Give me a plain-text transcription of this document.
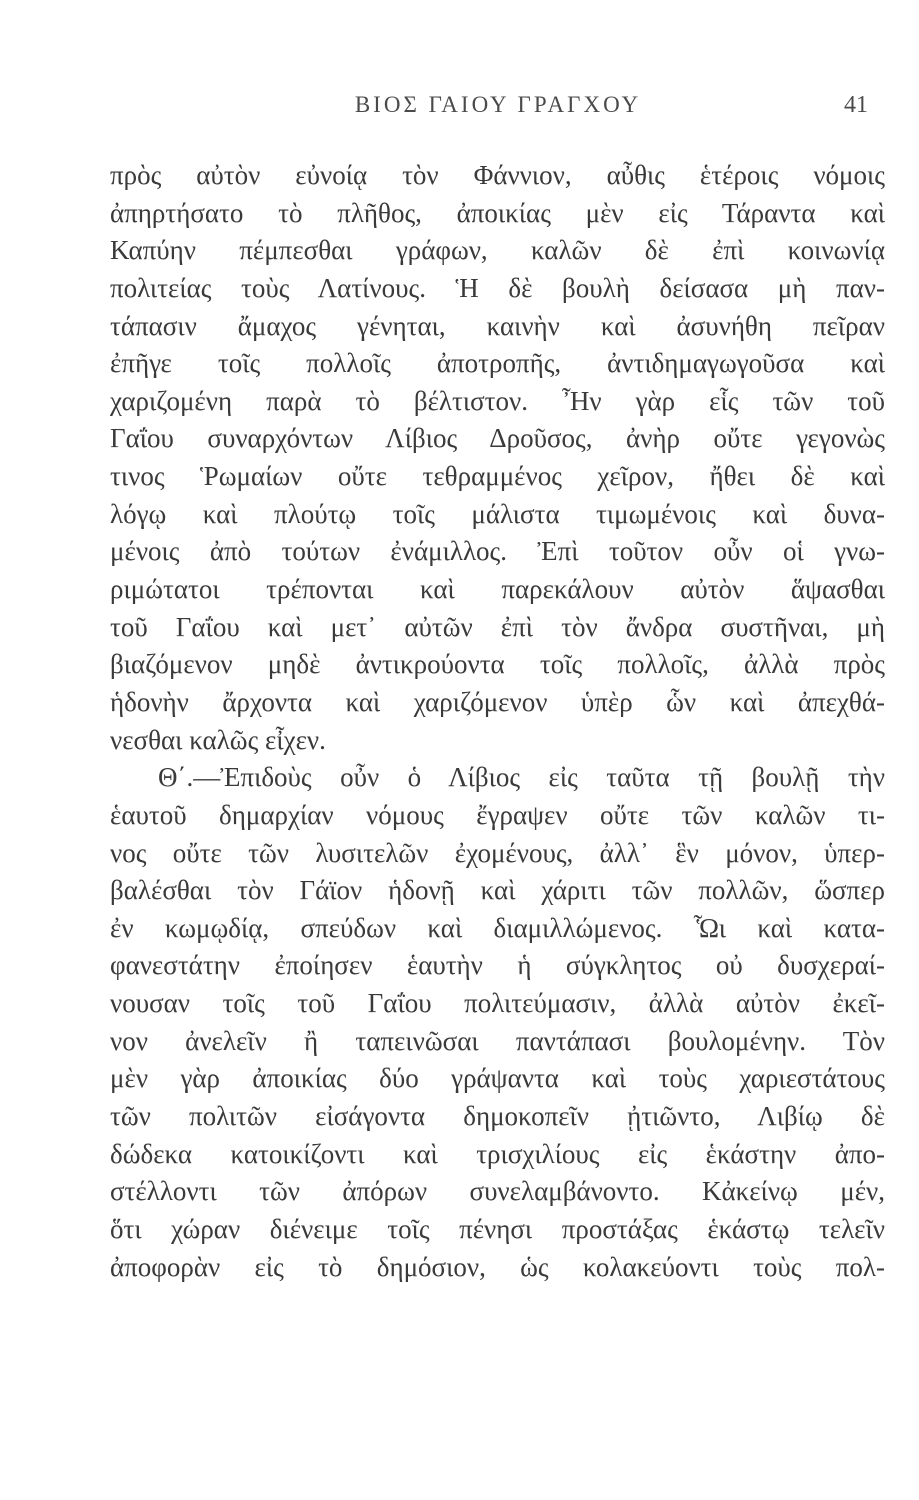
ΒΙΟΣ ΓΑΙΟΥ ΓΡΑΓΧΟΥ	41
πρὸς αὐτὸν εὐνοίᾳ τὸν Φάννιον, αὖθις ἑτέροις νόμοις
ἀπηρτήσατο τὸ πλῆθος, ἀποικίας μὲν εἰς Τάραντα καὶ
Καπύην πέμπεσθαι γράφων, καλῶν δὲ ἐπὶ κοινωνίᾳ
πολιτείας τοὺς Λατίνους. Ἡ δὲ βουλὴ δείσασα μὴ παν-
τάπασιν ἄμαχος γένηται, καινὴν καὶ ἀσυνήθη πεῖραν
ἐπῆγε τοῖς πολλοῖς ἀποτροπῆς, ἀντιδημαγωγοῦσα καὶ
χαριζομένη παρὰ τὸ βέλτιστον. Ἦν γὰρ εἷς τῶν τοῦ
Γαΐου συναρχόντων Λίβιος Δροῦσος, ἀνὴρ οὔτε γεγονὼς
τινος Ῥωμαίων οὔτε τεθραμμένος χεῖρον, ἤθει δὲ καὶ
λόγῳ καὶ πλούτῳ τοῖς μάλιστα τιμωμένοις καὶ δυνα-
μένοις ἀπὸ τούτων ἐνάμιλλος. Ἐπὶ τοῦτον οὖν οἱ γνω-
ριμώτατοι τρέπονται καὶ παρεκάλουν αὐτὸν ἅψασθαι
τοῦ Γαΐου καὶ μετ᾽ αὐτῶν ἐπὶ τὸν ἄνδρα συστῆναι, μὴ
βιαζόμενον μηδὲ ἀντικρούοντα τοῖς πολλοῖς, ἀλλὰ πρὸς
ἡδονὴν ἄρχοντα καὶ χαριζόμενον ὑπὲρ ὧν καὶ ἀπεχθά-
νεσθαι καλῶς εἶχεν.
Θ΄.—Ἐπιδοὺς οὖν ὁ Λίβιος εἰς ταῦτα τῇ βουλῇ τὴν
ἑαυτοῦ δημαρχίαν νόμους ἔγραψεν οὔτε τῶν καλῶν τι-
νος οὔτε τῶν λυσιτελῶν ἐχομένους, ἀλλ᾽ ἓν μόνον, ὑπερ-
βαλέσθαι τὸν Γάϊον ἡδονῇ καὶ χάριτι τῶν πολλῶν, ὥσπερ
ἐν κωμῳδίᾳ, σπεύδων καὶ διαμιλλώμενος. Ὧι καὶ κατα-
φανεστάτην ἐποίησεν ἑαυτὴν ἡ σύγκλητος οὐ δυσχεραί-
νουσαν τοῖς τοῦ Γαΐου πολιτεύμασιν, ἀλλὰ αὐτὸν ἐκεῖ-
νον ἀνελεῖν ἢ ταπεινῶσαι παντάπασι βουλομένην. Τὸν
μὲν γὰρ ἀποικίας δύο γράψαντα καὶ τοὺς χαριεστάτους
τῶν πολιτῶν εἰσάγοντα δημοκοπεῖν ᾐτιῶντο, Λιβίῳ δὲ
δώδεκα κατοικίζοντι καὶ τρισχιλίους εἰς ἑκάστην ἀπο-
στέλλοντι τῶν ἀπόρων συνελαμβάνοντο. Κἀκείνῳ μέν,
ὅτι χώραν διένειμε τοῖς πένησι προστάξας ἑκάστῳ τελεῖν
ἀποφορὰν εἰς τὸ δημόσιον, ὡς κολακεύοντι τοὺς πολ-
